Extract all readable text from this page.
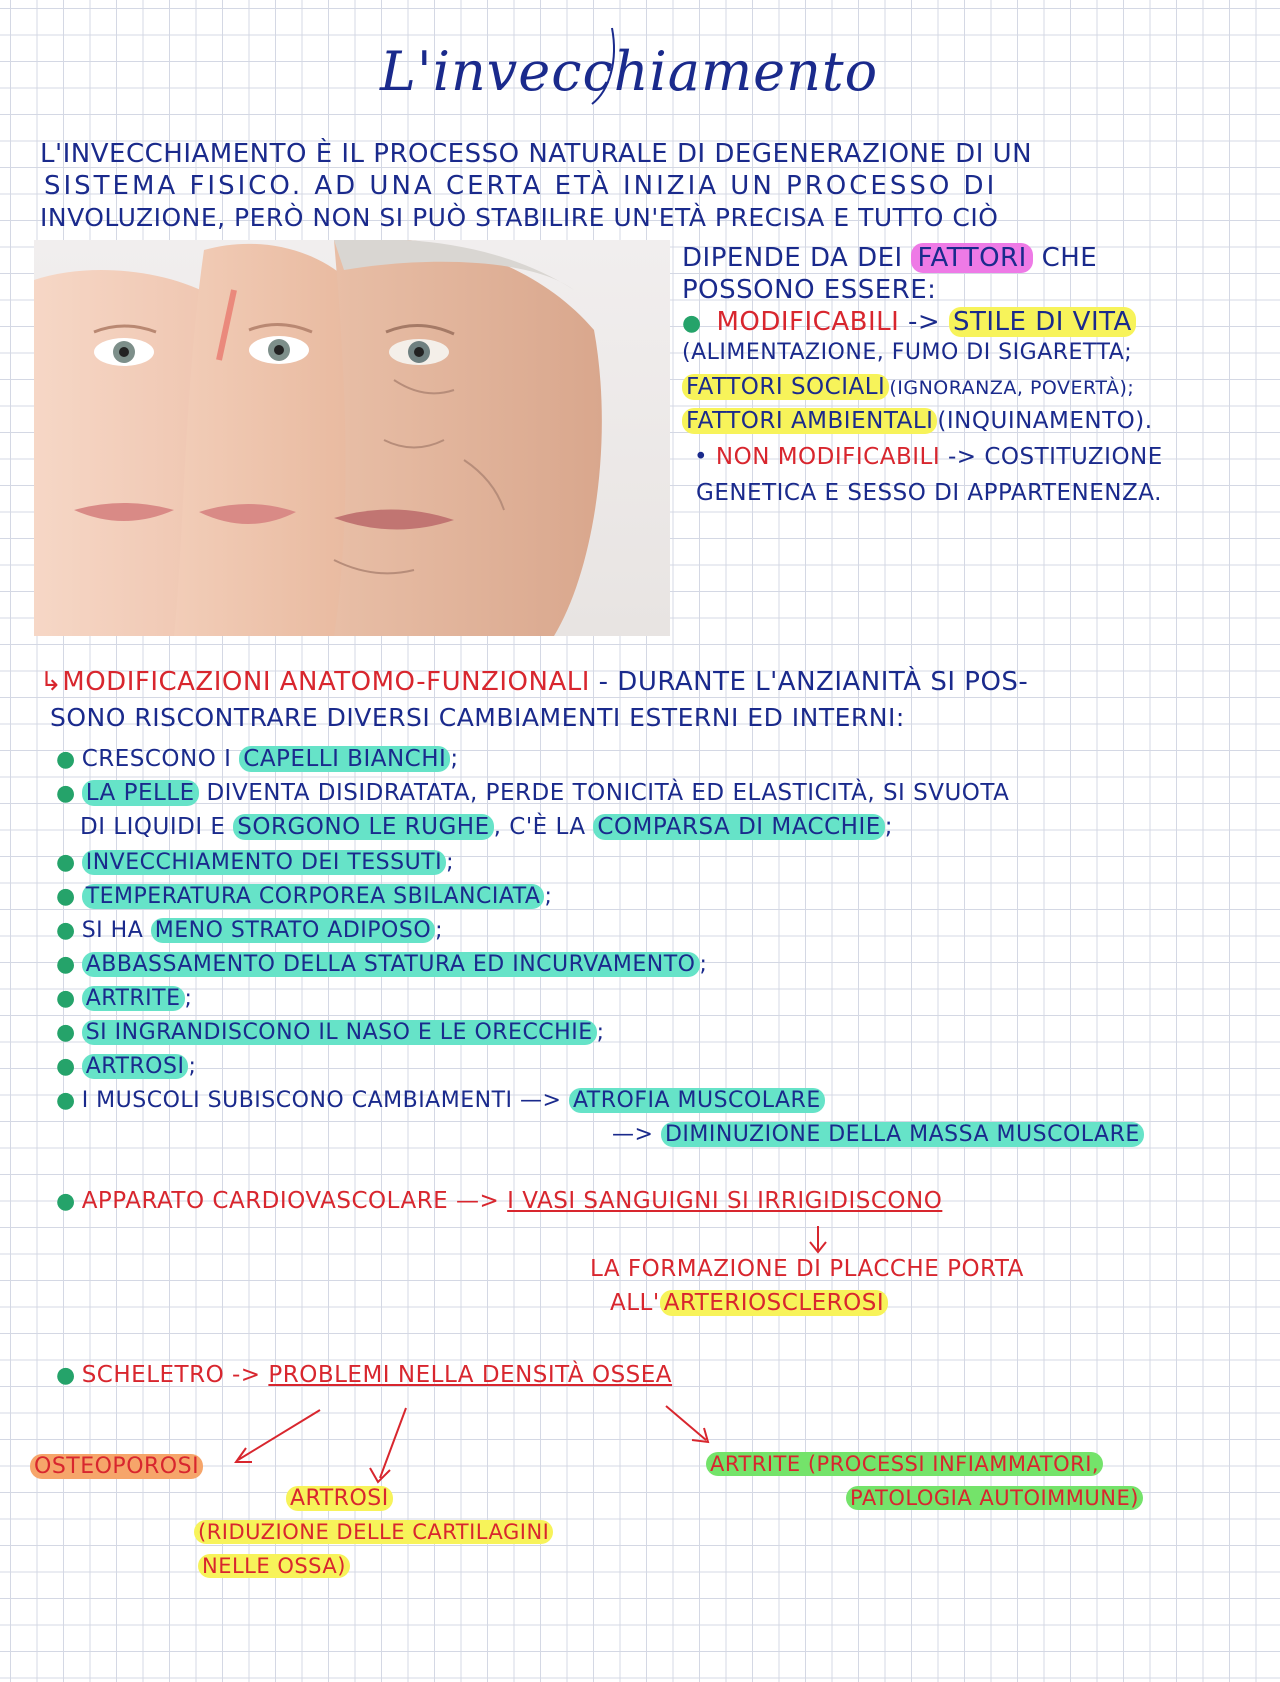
L'invecchiamento
L'INVECCHIAMENTO È IL PROCESSO NATURALE DI DEGENERAZIONE DI UN
SISTEMA FISICO. AD UNA CERTA ETÀ INIZIA UN PROCESSO DI
INVOLUZIONE, PERÒ NON SI PUÒ STABILIRE UN'ETÀ PRECISA E TUTTO CIÒ
DIPENDE DA DEI FATTORI CHE
POSSONO ESSERE:
● MODIFICABILI -> STILE DI VITA
(ALIMENTAZIONE, FUMO DI SIGARETTA;
FATTORI SOCIALI (IGNORANZA, POVERTÀ);
FATTORI AMBIENTALI (INQUINAMENTO).
• NON MODIFICABILI -> COSTITUZIONE
GENETICA E SESSO DI APPARTENENZA.
↳MODIFICAZIONI ANATOMO-FUNZIONALI - DURANTE L'ANZIANITÀ SI POS-
SONO RISCONTRARE DIVERSI CAMBIAMENTI ESTERNI ED INTERNI:
● CRESCONO I CAPELLI BIANCHI ;
● LA PELLE DIVENTA DISIDRATATA, PERDE TONICITÀ ED ELASTICITÀ, SI SVUOTA
DI LIQUIDI E SORGONO LE RUGHE , C'È LA COMPARSA DI MACCHIE ;
● INVECCHIAMENTO DEI TESSUTI ;
● TEMPERATURA CORPOREA SBILANCIATA ;
● SI HA MENO STRATO ADIPOSO ;
● ABBASSAMENTO DELLA STATURA ED INCURVAMENTO ;
● ARTRITE ;
● SI INGRANDISCONO IL NASO E LE ORECCHIE ;
● ARTROSI ;
● I MUSCOLI SUBISCONO CAMBIAMENTI —> ATROFIA MUSCOLARE
—> DIMINUZIONE DELLA MASSA MUSCOLARE
● APPARATO CARDIOVASCOLARE —> I VASI SANGUIGNI SI IRRIGIDISCONO
LA FORMAZIONE DI PLACCHE PORTA
ALL' ARTERIOSCLEROSI
● SCHELETRO -> PROBLEMI NELLA DENSITÀ OSSEA
OSTEOPOROSI
ARTROSI
(RIDUZIONE DELLE CARTILAGINI
NELLE OSSA)
ARTRITE (PROCESSI INFIAMMATORI,
PATOLOGIA AUTOIMMUNE)
